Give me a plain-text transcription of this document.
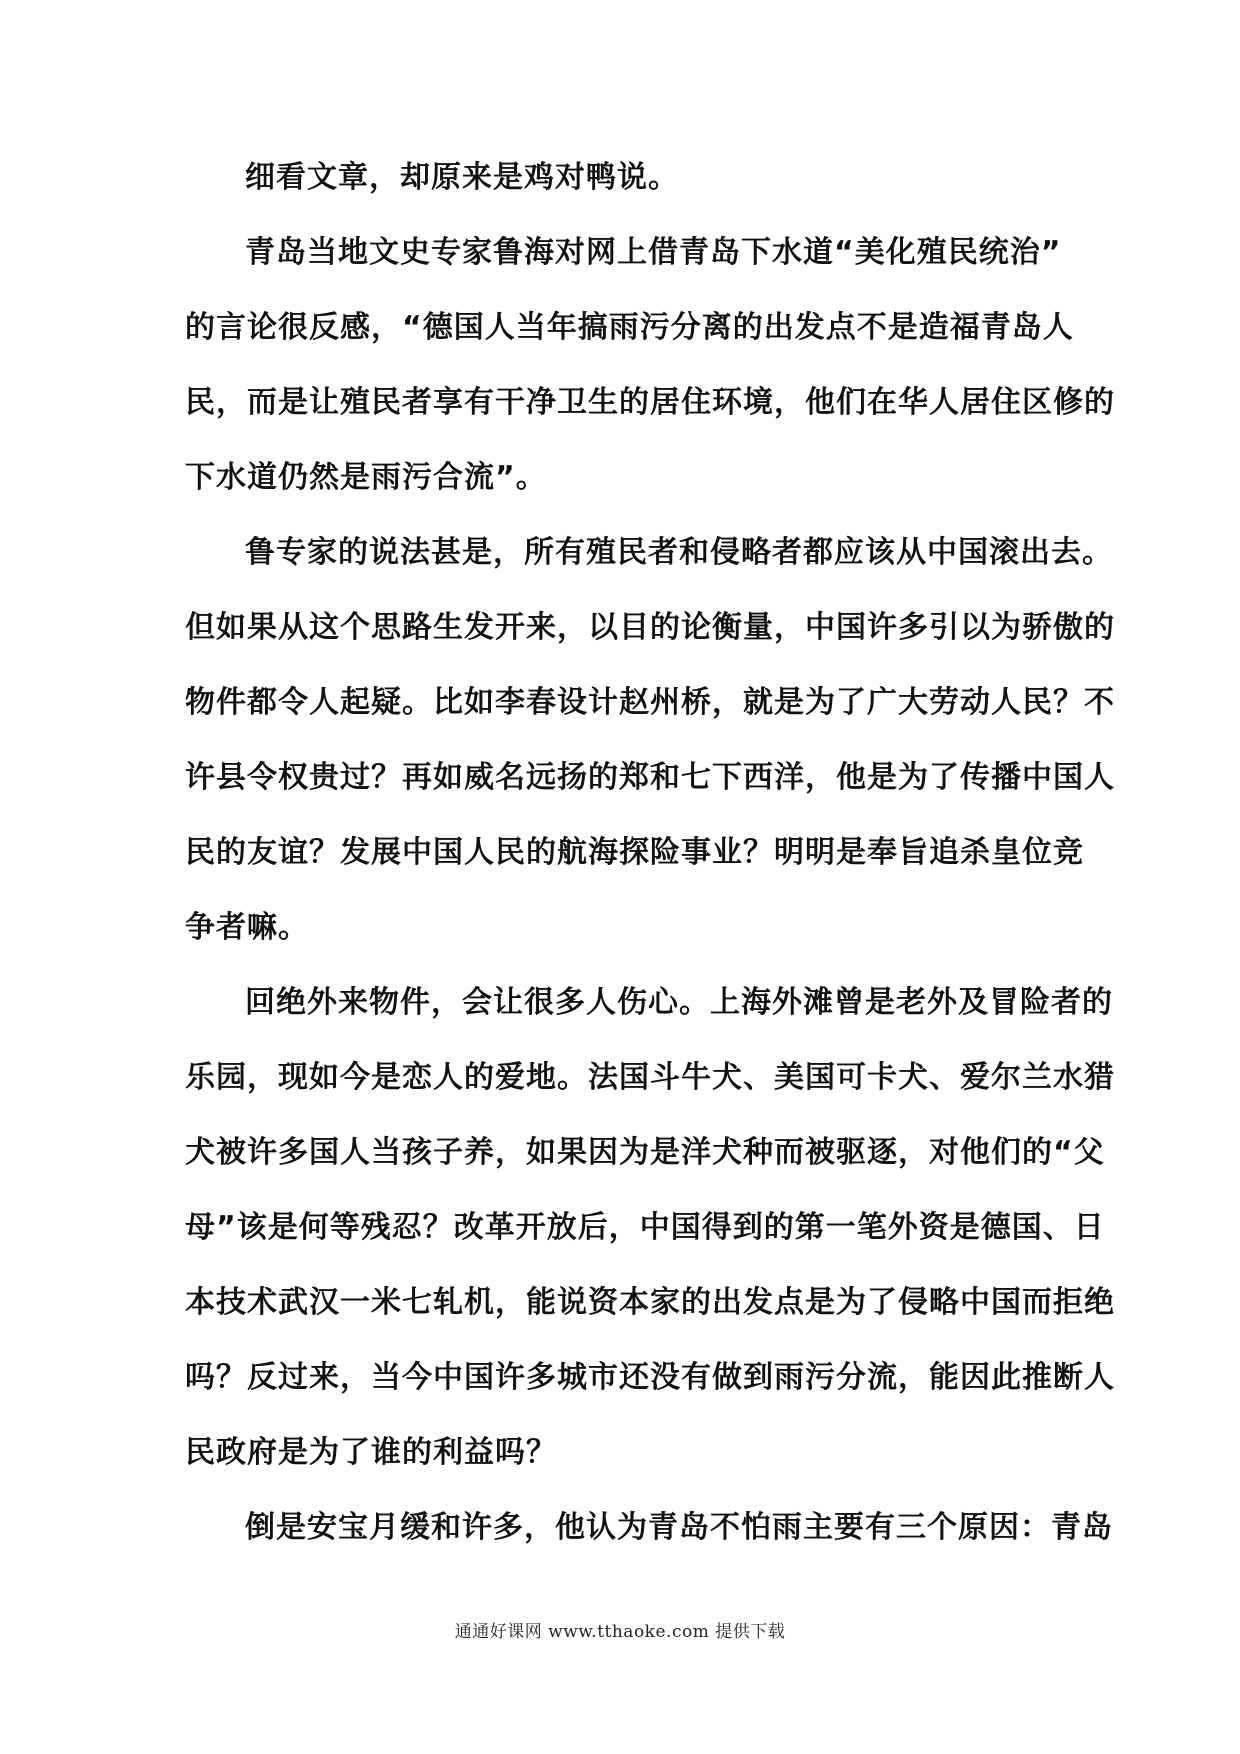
细看文章，却原来是鸡对鸭说。
青岛当地文史专家鲁海对网上借青岛下水道“美化殖民统治”
的言论很反感，“德国人当年搞雨污分离的出发点不是造福青岛人
民，而是让殖民者享有干净卫生的居住环境，他们在华人居住区修的
下水道仍然是雨污合流”。
鲁专家的说法甚是，所有殖民者和侵略者都应该从中国滚出去。
但如果从这个思路生发开来，以目的论衡量，中国许多引以为骄傲的
物件都令人起疑。比如李春设计赵州桥，就是为了广大劳动人民？不
许县令权贵过？再如威名远扬的郑和七下西洋，他是为了传播中国人
民的友谊？发展中国人民的航海探险事业？明明是奉旨追杀皇位竞
争者嘛。
回绝外来物件，会让很多人伤心。上海外滩曾是老外及冒险者的
乐园，现如今是恋人的爱地。法国斗牛犬、美国可卡犬、爱尔兰水猎
犬被许多国人当孩子养，如果因为是洋犬种而被驱逐，对他们的“父
母”该是何等残忍？改革开放后，中国得到的第一笔外资是德国、日
本技术武汉一米七轧机，能说资本家的出发点是为了侵略中国而拒绝
吗？反过来，当今中国许多城市还没有做到雨污分流，能因此推断人
民政府是为了谁的利益吗？
倒是安宝月缓和许多，他认为青岛不怕雨主要有三个原因：青岛
通通好课网 www.tthaoke.com 提供下载
